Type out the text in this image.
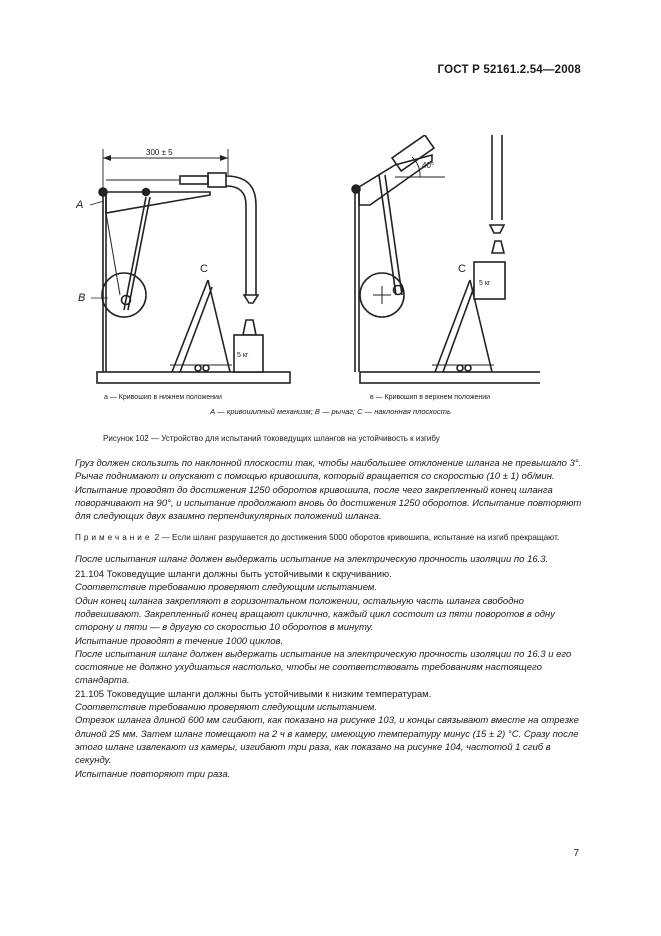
ГОСТ Р 52161.2.54—2008
300 ± 5
40°
А
В
С	С
5 кг
5 кг
а — Кривошип в нижнем положении	в — Кривошип в верхнем положении
А — кривошипный механизм; В — рычаг; С — наклонная плоскость
Рисунок 102 — Устройство для испытаний токоведущих шлангов на устойчивость к изгибу

Груз должен скользить по наклонной плоскости так, чтобы наибольшее отклонение шланга не превышало 3°.

Рычаг поднимают и опускают с помощью кривошипа, который вращается со скоростью (10 ± 1) об/мин.

Испытание проводят до достижения 1250 оборотов кривошипа, после чего закрепленный конец шланга поворачивают на 90°, и испытание продолжают вновь до достижения 1250 оборотов. Испытание повторяют для следующих двух взаимно перпендикулярных положений шланга.

Примечание 2 — Если шланг разрушается до достижения 5000 оборотов кривошипа, испытание на изгиб прекращают.

После испытания шланг должен выдержать испытание на электрическую прочность изоляции по 16.3.

21.104 Токоведущие шланги должны быть устойчивыми к скручиванию.

Соответствие требованию проверяют следующим испытанием.

Один конец шланга закрепляют в горизонтальном положении, остальную часть шланга свободно подвешивают. Закрепленный конец вращают циклично, каждый цикл состоит из пяти поворотов в одну сторону и пяти — в другую со скоростью 10 оборотов в минуту.

Испытание проводят в течение 1000 циклов.

После испытания шланг должен выдержать испытание на электрическую прочность изоляции по 16.3 и его состояние не должно ухудшаться настолько, чтобы не соответствовать требованиям настоящего стандарта.

21.105 Токоведущие шланги должны быть устойчивыми к низким температурам.

Соответствие требованию проверяют следующим испытанием.

Отрезок шланга длиной 600 мм сгибают, как показано на рисунке 103, и концы связывают вместе на отрезке длиной 25 мм. Затем шланг помещают на 2 ч в камеру, имеющую температуру минус (15 ± 2) °С. Сразу после этого шланг извлекают из камеры, изгибают три раза, как показано на рисунке 104, частотой 1 сгиб в секунду.

Испытание повторяют три раза.

7
